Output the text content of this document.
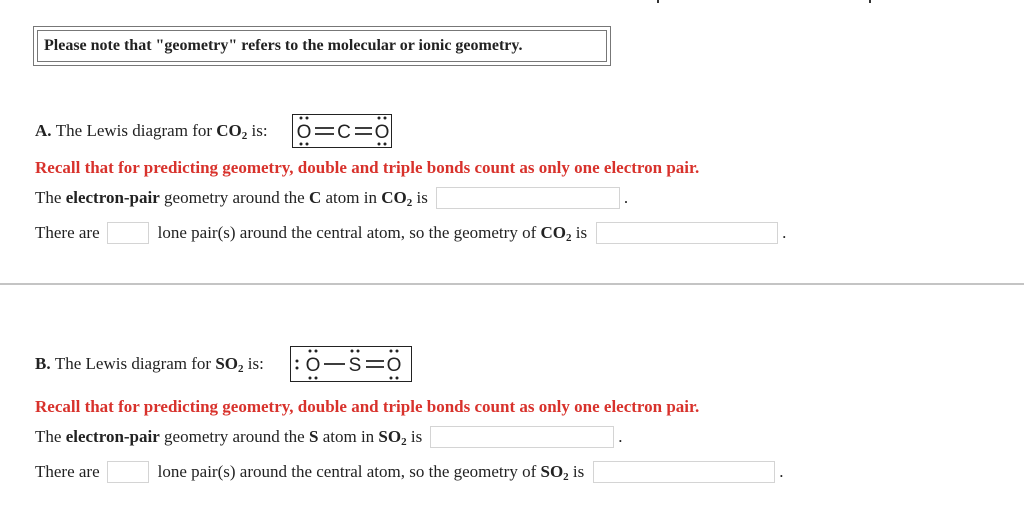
Please note that "geometry" refers to the molecular or ionic geometry.
A.
The Lewis diagram for
$CO_2$
is: O C O
Recall that for predicting geometry, double and triple bonds count as only one electron pair.
The
electron-pair
geometry around the
C
atom in
$CO_2$
is	.
There are	lone pair(s) around the central atom, so the geometry of
$CO_2$
is	.
B.
The Lewis diagram for
$SO_2$
is: O S O
Recall that for predicting geometry, double and triple bonds count as only one electron pair.
The
electron-pair
geometry around the
S
atom in
$SO_2$
is	.
There are	lone pair(s) around the central atom, so the geometry of
$SO_2$
is	.
